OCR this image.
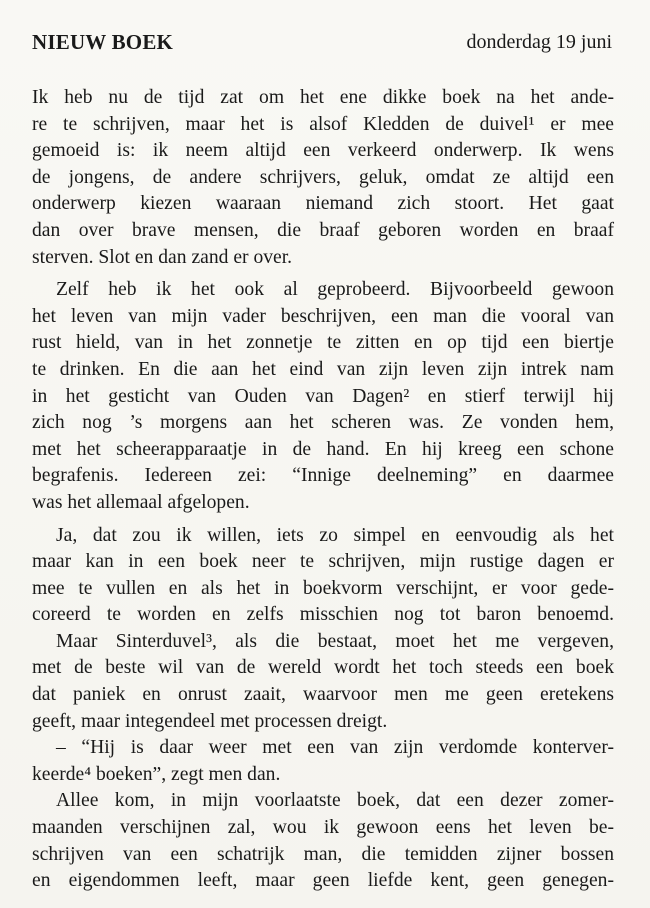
NIEUW BOEK	donderdag 19 juni
Ik heb nu de tijd zat om het ene dikke boek na het ande-
re te schrijven, maar het is alsof Kledden de duivel¹ er mee
gemoeid is: ik neem altijd een verkeerd onderwerp. Ik wens
de jongens, de andere schrijvers, geluk, omdat ze altijd een
onderwerp kiezen waaraan niemand zich stoort. Het gaat
dan over brave mensen, die braaf geboren worden en braaf
sterven. Slot en dan zand er over.
Zelf heb ik het ook al geprobeerd. Bijvoorbeeld gewoon
het leven van mijn vader beschrijven, een man die vooral van
rust hield, van in het zonnetje te zitten en op tijd een biertje
te drinken. En die aan het eind van zijn leven zijn intrek nam
in het gesticht van Ouden van Dagen² en stierf terwijl hij
zich nog ’s morgens aan het scheren was. Ze vonden hem,
met het scheerapparaatje in de hand. En hij kreeg een schone
begrafenis. Iedereen zei: “Innige deelneming” en daarmee
was het allemaal afgelopen.
Ja, dat zou ik willen, iets zo simpel en eenvoudig als het
maar kan in een boek neer te schrijven, mijn rustige dagen er
mee te vullen en als het in boekvorm verschijnt, er voor gede-
coreerd te worden en zelfs misschien nog tot baron benoemd.
Maar Sinterduvel³, als die bestaat, moet het me vergeven,
met de beste wil van de wereld wordt het toch steeds een boek
dat paniek en onrust zaait, waarvoor men me geen eretekens
geeft, maar integendeel met processen dreigt.
– “Hij is daar weer met een van zijn verdomde konterver-
keerde⁴ boeken”, zegt men dan.
Allee kom, in mijn voorlaatste boek, dat een dezer zomer-
maanden verschijnen zal, wou ik gewoon eens het leven be-
schrijven van een schatrijk man, die temidden zijner bossen
en eigendommen leeft, maar geen liefde kent, geen genegen-
